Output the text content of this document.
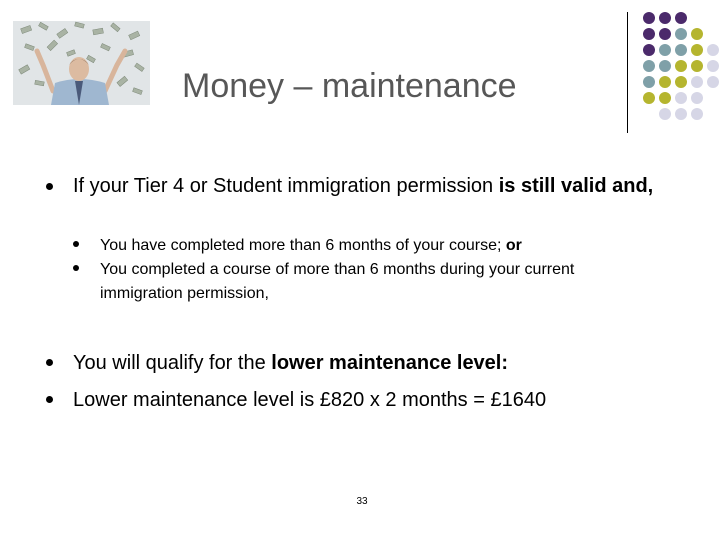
Money – maintenance
If your Tier 4 or Student immigration permission is still valid and,
You have completed more than 6 months of your course; or
You completed a course of more than 6 months during your current immigration permission,
You will qualify for the lower maintenance level:
Lower maintenance level is £820 x 2 months = £1640
33
